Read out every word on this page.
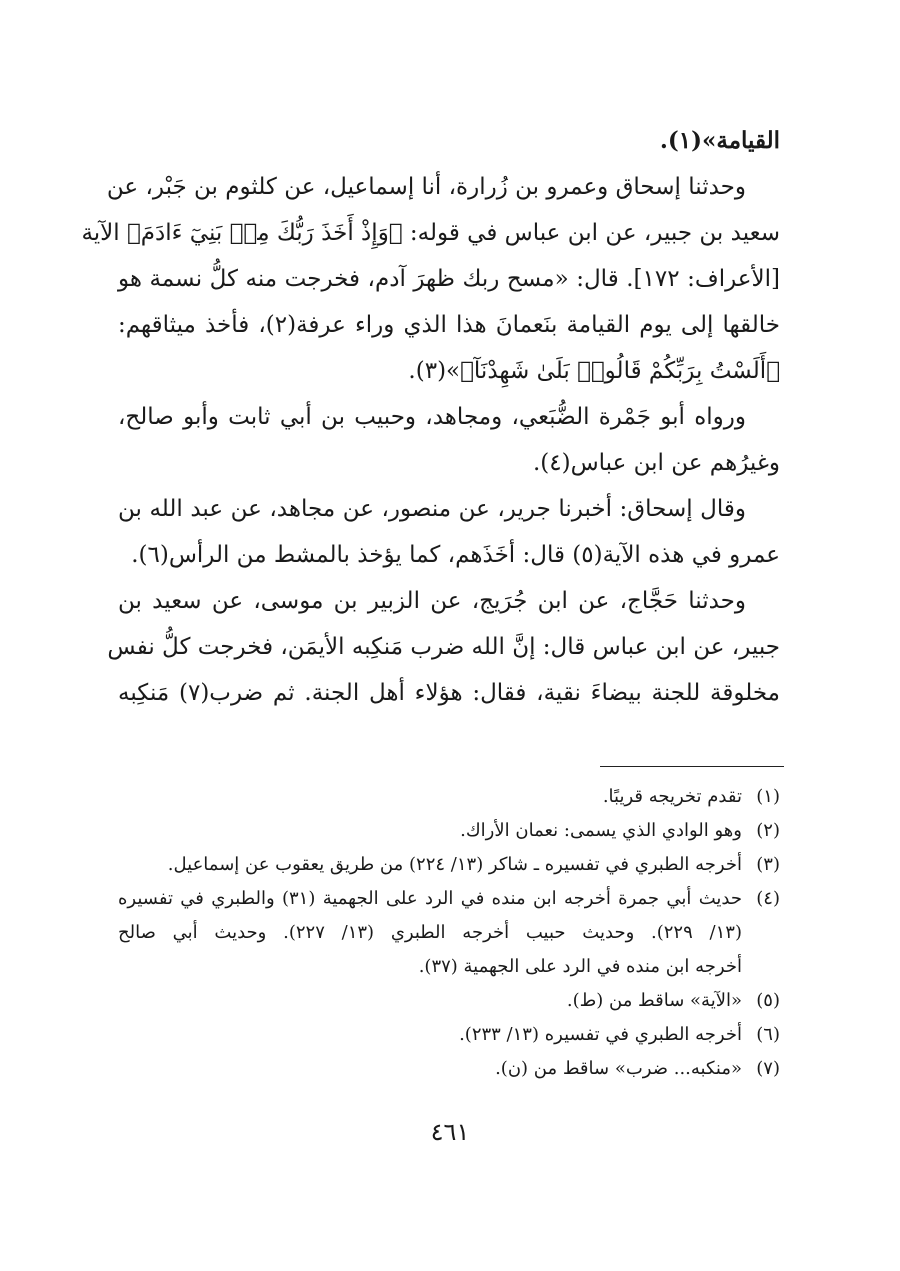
القيامة»(١).
وحدثنا إسحاق وعمرو بن زُرارة، أنا إسماعيل، عن كلثوم بن جَبْر، عن
سعيد بن جبير، عن ابن عباس في قوله: ﴿وَإِذْ أَخَذَ رَبُّكَ مِنۢ بَنِيٓ ءَادَمَ﴾ الآية
[الأعراف: ١٧٢]. قال: «مسح ربك ظهرَ آدم، فخرجت منه كلُّ نسمة هو
خالقها إلى يوم القيامة بنَعمانَ هذا الذي وراء عرفة(٢)، فأخذ ميثاقهم:
﴿أَلَسْتُ بِرَبِّكُمْ قَالُوا۟ بَلَىٰ شَهِدْنَآ﴾»(٣).
ورواه أبو جَمْرة الضُّبَعي، ومجاهد، وحبيب بن أبي ثابت وأبو صالح،
وغيرُهم عن ابن عباس(٤).
وقال إسحاق: أخبرنا جرير، عن منصور، عن مجاهد، عن عبد الله بن
عمرو في هذه الآية(٥) قال: أخَذَهم، كما يؤخذ بالمشط من الرأس(٦).
وحدثنا حَجَّاج، عن ابن جُرَيج، عن الزبير بن موسى، عن سعيد بن
جبير، عن ابن عباس قال: إنَّ الله ضرب مَنكِبه الأيمَن، فخرجت كلُّ نفس
مخلوقة للجنة بيضاءَ نقية، فقال: هؤلاء أهل الجنة. ثم ضرب(٧) مَنكِبه
(١)
تقدم تخريجه قريبًا.
(٢)
وهو الوادي الذي يسمى: نعمان الأراك.
(٣)
أخرجه الطبري في تفسيره ـ شاكر (١٣/ ٢٢٤) من طريق يعقوب عن إسماعيل.
(٤)
حديث أبي جمرة أخرجه ابن منده في الرد على الجهمية (٣١) والطبري في تفسيره
(١٣/ ٢٢٩). وحديث حبيب أخرجه الطبري (١٣/ ٢٢٧). وحديث أبي صالح
أخرجه ابن منده في الرد على الجهمية (٣٧).
(٥)
«الآية» ساقط من (ط).
(٦)
أخرجه الطبري في تفسيره (١٣/ ٢٣٣).
(٧)
«منكبه... ضرب» ساقط من (ن).
٤٦١
